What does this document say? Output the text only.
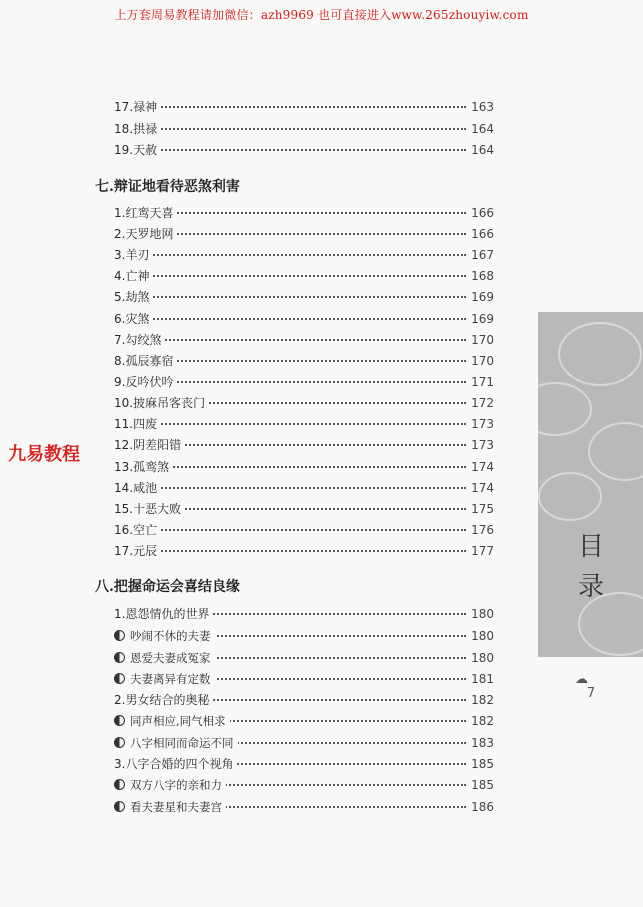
上万套周易教程请加微信：azh9969 也可直接进入www.265zhouyiw.com
九易教程
17.禄神	163
18.拱禄	164
19.天赦	164
七.辩证地看待恶煞利害
1.红鸾天喜	166
2.天罗地网	166
3.羊刃	167
4.亡神	168
5.劫煞	169
6.灾煞	169
7.勾绞煞	170
8.孤辰寡宿	170
9.反吟伏吟	171
10.披麻吊客丧门	172
11.四废	173
12.阴差阳错	173
13.孤鸾煞	174
14.咸池	174
15.十恶大败	175
16.空亡	176
17.元辰	177
八.把握命运会喜结良缘
1.恩怨情仇的世界	180
吵闹不休的夫妻	180
恩爱夫妻成冤家	180
夫妻离异有定数	181
2.男女结合的奥秘	182
同声相应,同气相求	182
八字相同而命运不同	183
3.八字合婚的四个视角	185
双方八字的亲和力	185
看夫妻星和夫妻宫	186
目
录
☁
7
